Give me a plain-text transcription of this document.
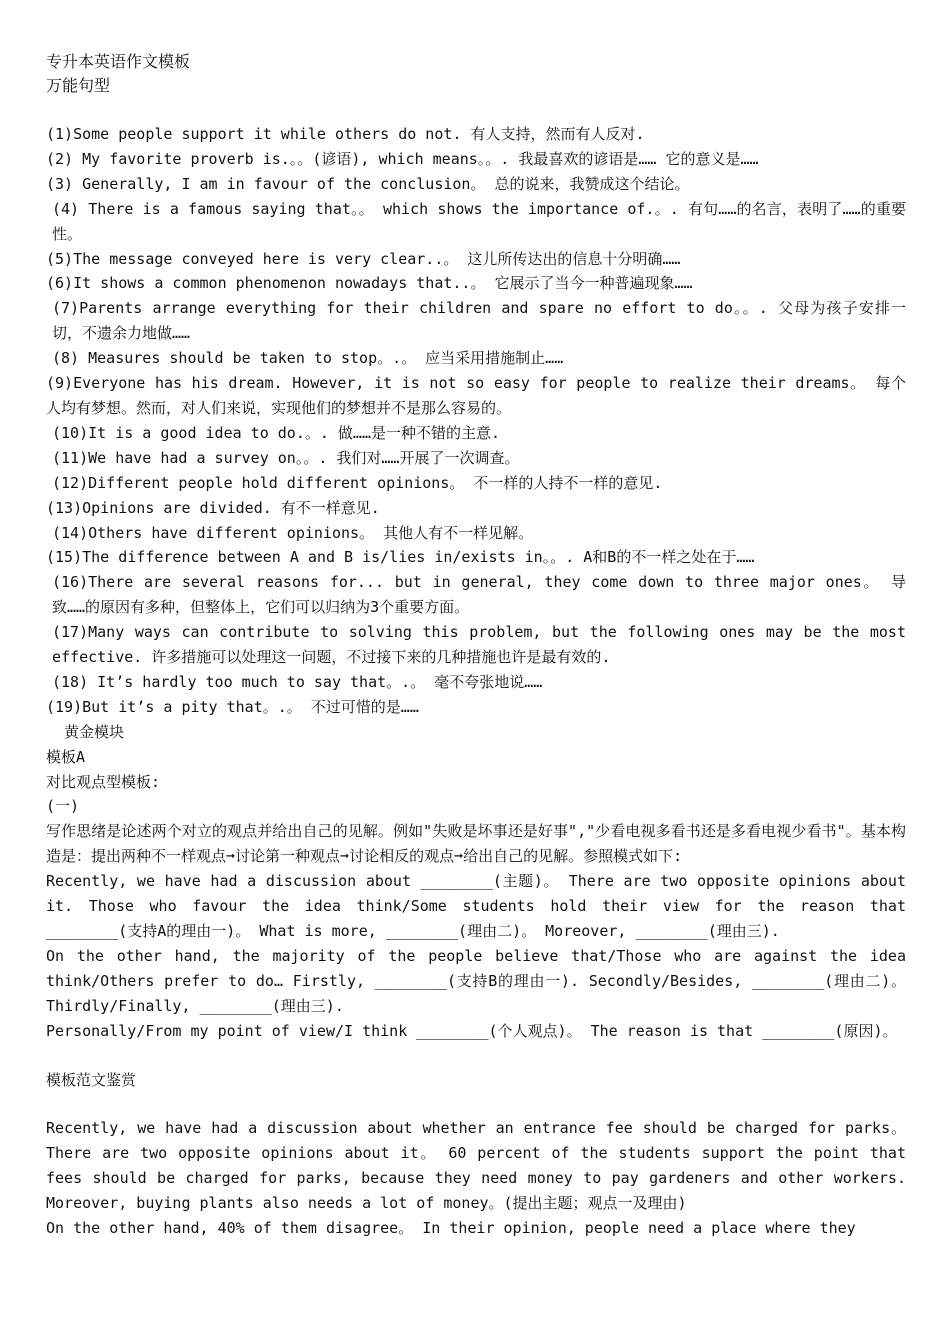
专升本英语作文模板
万能句型
(1)Some people support it while others do not. 有人支持，然而有人反对.
(2) My favorite proverb is.。。(谚语), which means。。. 我最喜欢的谚语是…… 它的意义是……
(3) Generally, I am in favour of the conclusion。 总的说来，我赞成这个结论。
(4) There is a famous saying that。。 which shows the importance of.。. 有句……的名言，表明了……的重要性。
(5)The message conveyed here is very clear..。 这儿所传达出的信息十分明确……
(6)It shows a common phenomenon nowadays that..。 它展示了当今一种普遍现象……
(7)Parents arrange everything for their children and spare no effort to do。。. 父母为孩子安排一切，不遗余力地做……
(8) Measures should be taken to stop。.。 应当采用措施制止……
(9)Everyone has his dream. However, it is not so easy for people to realize their dreams。 每个人均有梦想。然而，对人们来说，实现他们的梦想并不是那么容易的。
(10)It is a good idea to do.。. 做……是一种不错的主意.
(11)We have had a survey on。。. 我们对……开展了一次调查。
(12)Different people hold different opinions。 不一样的人持不一样的意见.
(13)Opinions are divided. 有不一样意见.
(14)Others have different opinions。 其他人有不一样见解。
(15)The difference between A and B is/lies in/exists in。。. A和B的不一样之处在于……
(16)There are several reasons for... but in general, they come down to three major ones。 导致……的原因有多种，但整体上，它们可以归纳为3个重要方面。
(17)Many ways can contribute to solving this problem, but the following ones may be the most effective. 许多措施可以处理这一问题，不过接下来的几种措施也许是最有效的.
(18) It’s hardly too much to say that。.。 毫不夸张地说……
(19)But it’s a pity that。.。 不过可惜的是……
黄金模块
模板A
对比观点型模板:
(一)
写作思绪是论述两个对立的观点并给出自己的见解。例如"失败是坏事还是好事","少看电视多看书还是多看电视少看书"。基本构造是：提出两种不一样观点➞讨论第一种观点➞讨论相反的观点➞给出自己的见解。参照模式如下:
Recently, we have had a discussion about ________(主题)。 There are two opposite opinions about it. Those who favour the idea think/Some students hold their view for the reason that ________(支持A的理由一)。 What is more, ________(理由二)。 Moreover, ________(理由三).
On the other hand, the majority of the people believe that/Those who are against the idea think/Others prefer to do… Firstly, ________(支持B的理由一). Secondly/Besides, ________(理由二)。 Thirdly/Finally, ________(理由三).
Personally/From my point of view/I think ________(个人观点)。 The reason is that ________(原因)。
模板范文鉴赏
Recently, we have had a discussion about whether an entrance fee should be charged for parks。 There are two opposite opinions about it。 60 percent of the students support the point that fees should be charged for parks, because they need money to pay gardeners and other workers. Moreover, buying plants also needs a lot of money。(提出主题；观点一及理由)
On the other hand, 40% of them disagree。 In their opinion, people need a place where they
